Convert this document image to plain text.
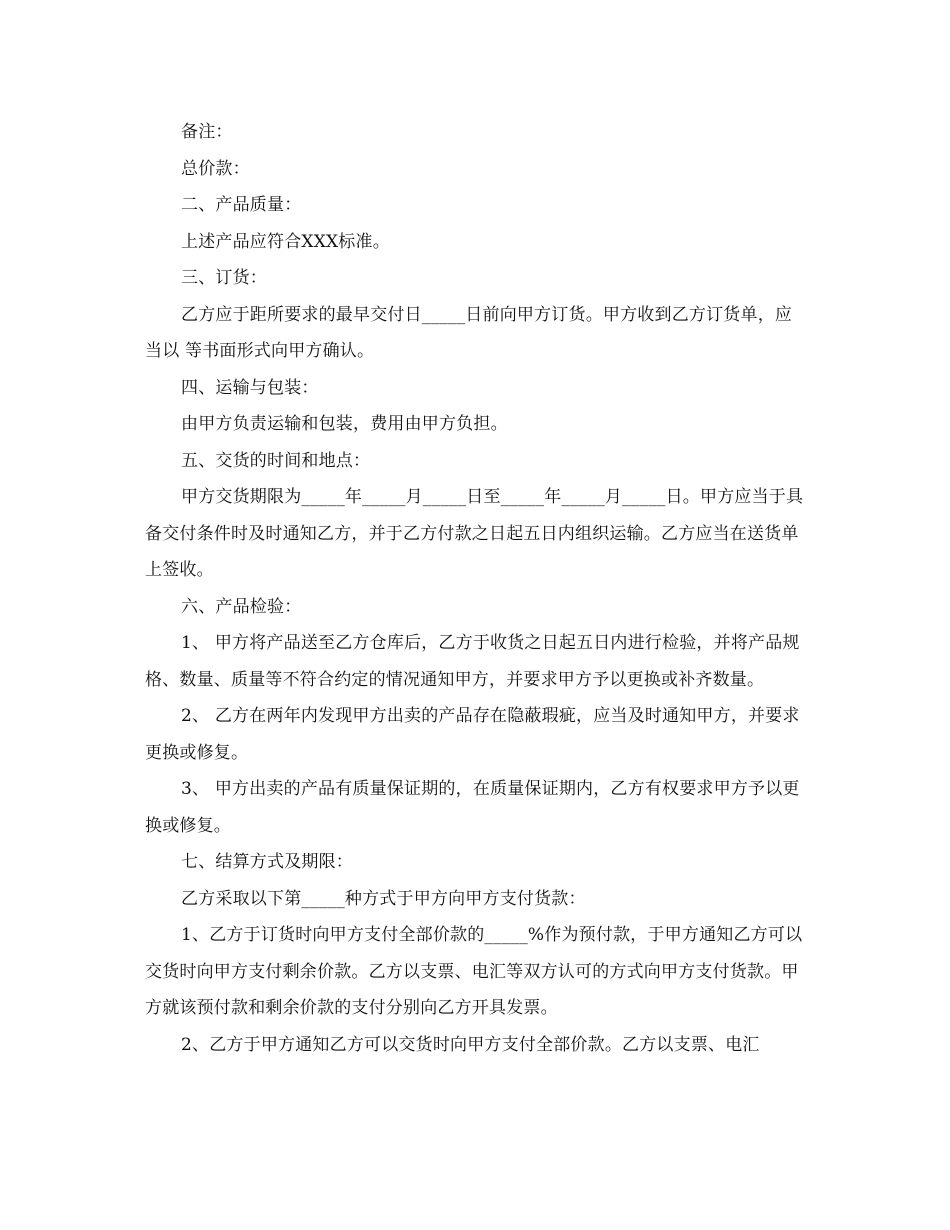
备注：

总价款：

二、产品质量：

上述产品应符合XXX标准。

三、订货：

乙方应于距所要求的最早交付日_____日前向甲方订货。甲方收到乙方订货单，应当以 等书面形式向甲方确认。

四、运输与包装：

由甲方负责运输和包装，费用由甲方负担。

五、交货的时间和地点：

甲方交货期限为_____年_____月_____日至_____年_____月_____日。甲方应当于具备交付条件时及时通知乙方，并于乙方付款之日起五日内组织运输。乙方应当在送货单上签收。

六、产品检验：

1、 甲方将产品送至乙方仓库后，乙方于收货之日起五日内进行检验，并将产品规格、数量、质量等不符合约定的情况通知甲方，并要求甲方予以更换或补齐数量。

2、 乙方在两年内发现甲方出卖的产品存在隐蔽瑕疵，应当及时通知甲方，并要求更换或修复。

3、 甲方出卖的产品有质量保证期的，在质量保证期内，乙方有权要求甲方予以更换或修复。

七、结算方式及期限：

乙方采取以下第_____种方式于甲方向甲方支付货款：

1、乙方于订货时向甲方支付全部价款的_____%作为预付款，于甲方通知乙方可以交货时向甲方支付剩余价款。乙方以支票、电汇等双方认可的方式向甲方支付货款。甲方就该预付款和剩余价款的支付分别向乙方开具发票。

2、乙方于甲方通知乙方可以交货时向甲方支付全部价款。乙方以支票、电汇
